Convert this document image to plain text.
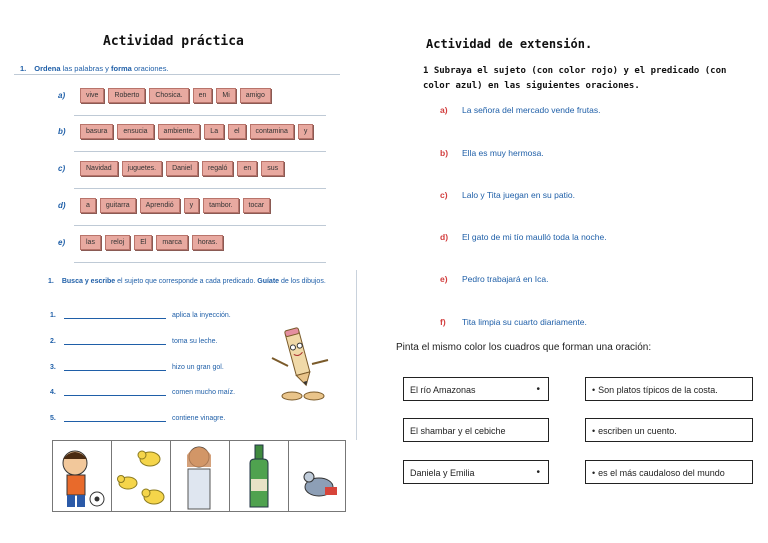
Actividad práctica
1. Ordena las palabras y forma oraciones.
a)	vive	Roberto	Chosica.	en	Mi	amigo
b)	basura	ensucia	ambiente.	La	el	contamina	y
c)	Navidad	juguetes.	Daniel	regaló	en	sus
d)	a	guitarra	Aprendió	y	tambor.	tocar
e)	las	reloj	El	marca	horas.
1. Busca y escribe el sujeto que corresponde a cada predicado. Guíate de los dibujos.
1.	aplica la inyección.
2.	toma su leche.
3.	hizo un gran gol.
4.	comen mucho maíz.
5.	contiene vinagre.
Actividad de extensión.
1 Subraya el sujeto (con color rojo) y el predicado (con color azul) en las siguientes oraciones.
a)	La señora del mercado vende frutas.
b)	Ella es muy hermosa.
c)	Lalo y Tita juegan en su patio.
d)	El gato de mi tío maulló toda la noche.
e)	Pedro trabajará en Ica.
f)	Tita limpia su cuarto diariamente.
Pinta el mismo color los cuadros que forman una oración:
El río Amazonas	•
El shambar y el cebiche
Daniela y Emilia	•
• Son platos típicos de la costa.
• escriben un cuento.
• es el más caudaloso del mundo
